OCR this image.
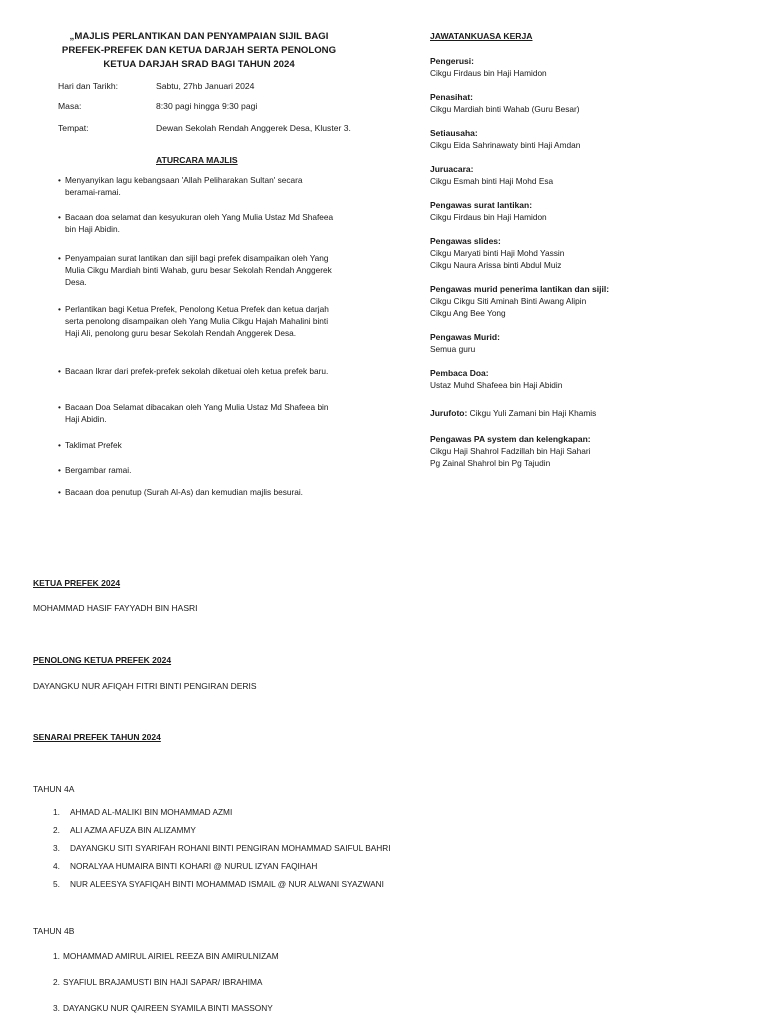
„MAJLIS PERLANTIKAN DAN PENYAMPAIAN SIJIL BAGI PREFEK-PREFEK DAN KETUA DARJAH SERTA PENOLONG KETUA DARJAH SRAD BAGI TAHUN 2024
Hari dan Tarikh:	Sabtu, 27hb Januari 2024
Masa:	8:30 pagi hingga 9:30 pagi
Tempat:	Dewan Sekolah Rendah Anggerek Desa, Kluster 3.
ATURCARA MAJLIS
• Menyanyikan lagu kebangsaan 'Allah Peliharakan Sultan' secara beramai-ramai.
• Bacaan doa selamat dan kesyukuran oleh Yang Mulia Ustaz Md Shafeea bin Haji Abidin.
• Penyampaian surat lantikan dan sijil bagi prefek disampaikan oleh Yang Mulia Cikgu Mardiah binti Wahab, guru besar Sekolah Rendah Anggerek Desa.
• Perlantikan bagi Ketua Prefek, Penolong Ketua Prefek dan ketua darjah serta penolong disampaikan oleh Yang Mulia Cikgu Hajah Mahalini binti Haji Ali, penolong guru besar Sekolah Rendah Anggerek Desa.
• Bacaan Ikrar dari prefek-prefek sekolah diketuai oleh ketua prefek baru.
• Bacaan Doa Selamat dibacakan oleh Yang Mulia Ustaz Md Shafeea bin Haji Abidin.
• Taklimat Prefek
• Bergambar ramai.
• Bacaan doa penutup (Surah Al-As) dan kemudian majlis besurai.
JAWATANKUASA KERJA
Pengerusi:
Cikgu Firdaus bin Haji Hamidon
Penasihat:
Cikgu Mardiah binti Wahab (Guru Besar)
Setiausaha:
Cikgu Eida Sahrinawaty binti Haji Amdan
Juruacara:
Cikgu Esmah binti Haji Mohd Esa
Pengawas surat lantikan:
Cikgu Firdaus bin Haji Hamidon
Pengawas slides:
Cikgu Maryati binti Haji Mohd Yassin
Cikgu Naura Arissa binti Abdul Muiz
Pengawas murid penerima lantikan dan sijil:
Cikgu Cikgu Siti Aminah Binti Awang Alipin
Cikgu Ang Bee Yong
Pengawas Murid:
Semua guru
Pembaca Doa:
Ustaz Muhd Shafeea bin Haji Abidin
Jurufoto: Cikgu Yuli Zamani bin Haji Khamis
Pengawas PA system dan kelengkapan:
Cikgu Haji Shahrol Fadzillah bin Haji Sahari
Pg Zainal Shahrol bin Pg Tajudin
KETUA PREFEK 2024
MOHAMMAD HASIF FAYYADH BIN HASRI
PENOLONG KETUA PREFEK 2024
DAYANGKU NUR AFIQAH FITRI BINTI PENGIRAN DERIS
SENARAI PREFEK TAHUN 2024
TAHUN 4A
1. AHMAD AL-MALIKI BIN MOHAMMAD AZMI
2. ALI AZMA AFUZA BIN ALIZAMMY
3. DAYANGKU SITI SYARIFAH ROHANI BINTI PENGIRAN MOHAMMAD SAIFUL BAHRI
4. NORALYAA HUMAIRA BINTI KOHARI @ NURUL IZYAN FAQIHAH
5. NUR ALEESYA SYAFIQAH BINTI MOHAMMAD ISMAIL @ NUR ALWANI SYAZWANI
TAHUN 4B
1. MOHAMMAD AMIRUL AIRIEL REEZA BIN AMIRULNIZAM
2. SYAFIUL BRAJAMUSTI BIN HAJI SAPAR/ IBRAHIMA
3. DAYANGKU NUR QAIREEN SYAMILA BINTI MASSONY
